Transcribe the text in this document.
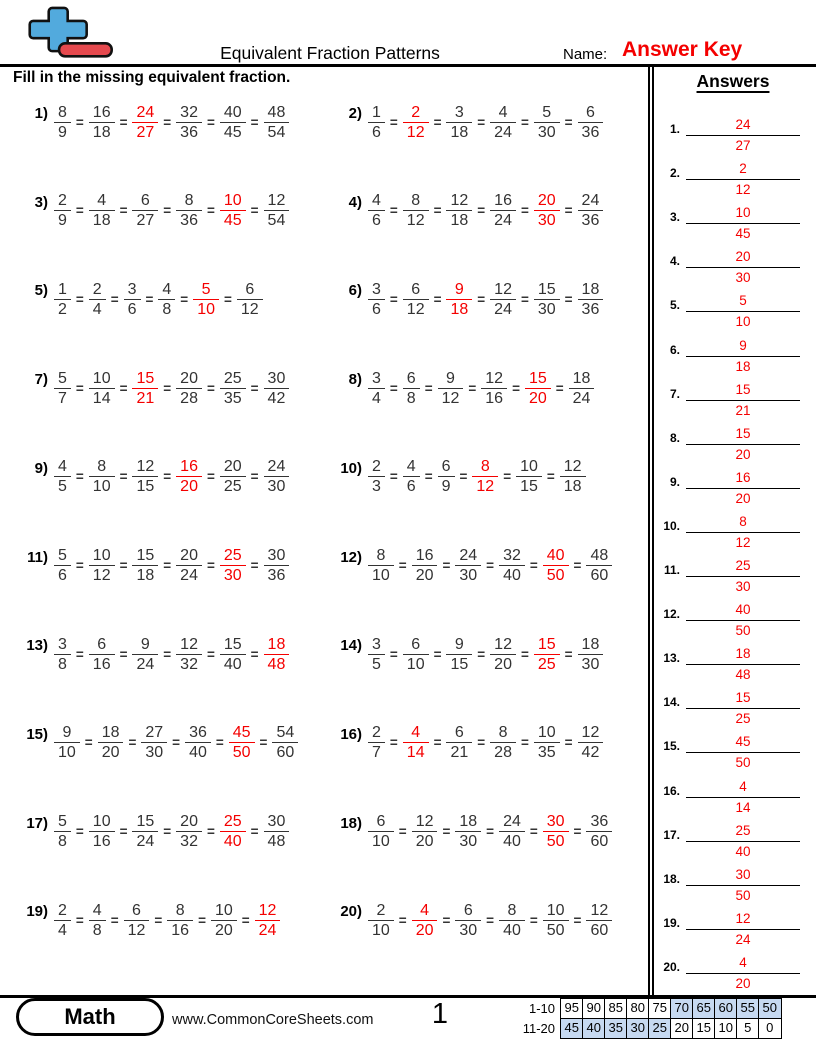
Equivalent Fraction Patterns	Name: Answer Key
Fill in the missing equivalent fraction.	Answers
1.	24
27
2.	2
12
3.	10
45
4.	20
30
5.	5
10
6.	9
18
7.	15
21
8.	15
20
9.	16
20
10.	8
12
11.	25
30
12.	40
50
13.	18
48
14.	15
25
15.	45
50
16.	4
14
17.	25
40
18.	30
50
19.	12
24
20.	4
20
$1) \frac{8}{9} = \frac{16}{18} = \frac{24}{27} = \frac{32}{36} = \frac{40}{45} = \frac{48}{54}$	$2) \frac{1}{6} = \frac{2}{12} = \frac{3}{18} = \frac{4}{24} = \frac{5}{30} = \frac{6}{36}$
$3) \frac{2}{9} = \frac{4}{18} = \frac{6}{27} = \frac{8}{36} = \frac{10}{45} = \frac{12}{54}$	$4) \frac{4}{6} = \frac{8}{12} = \frac{12}{18} = \frac{16}{24} = \frac{20}{30} = \frac{24}{36}$
$5) \frac{1}{2} = \frac{2}{4} = \frac{3}{6} = \frac{4}{8} = \frac{5}{10} = \frac{6}{12}$	$6) \frac{3}{6} = \frac{6}{12} = \frac{9}{18} = \frac{12}{24} = \frac{15}{30} = \frac{18}{36}$
$7) \frac{5}{7} = \frac{10}{14} = \frac{15}{21} = \frac{20}{28} = \frac{25}{35} = \frac{30}{42}$	$8) \frac{3}{4} = \frac{6}{8} = \frac{9}{12} = \frac{12}{16} = \frac{15}{20} = \frac{18}{24}$
$9) \frac{4}{5} = \frac{8}{10} = \frac{12}{15} = \frac{16}{20} = \frac{20}{25} = \frac{24}{30}$	$10) \frac{2}{3} = \frac{4}{6} = \frac{6}{9} = \frac{8}{12} = \frac{10}{15} = \frac{12}{18}$
$11) \frac{5}{6} = \frac{10}{12} = \frac{15}{18} = \frac{20}{24} = \frac{25}{30} = \frac{30}{36}$	$12) \frac{8}{10} = \frac{16}{20} = \frac{24}{30} = \frac{32}{40} = \frac{40}{50} = \frac{48}{60}$
$13) \frac{3}{8} = \frac{6}{16} = \frac{9}{24} = \frac{12}{32} = \frac{15}{40} = \frac{18}{48}$	$14) \frac{3}{5} = \frac{6}{10} = \frac{9}{15} = \frac{12}{20} = \frac{15}{25} = \frac{18}{30}$
$15) \frac{9}{10} = \frac{18}{20} = \frac{27}{30} = \frac{36}{40} = \frac{45}{50} = \frac{54}{60}$	$16) \frac{2}{7} = \frac{4}{14} = \frac{6}{21} = \frac{8}{28} = \frac{10}{35} = \frac{12}{42}$
$17) \frac{5}{8} = \frac{10}{16} = \frac{15}{24} = \frac{20}{32} = \frac{25}{40} = \frac{30}{48}$	$18) \frac{6}{10} = \frac{12}{20} = \frac{18}{30} = \frac{24}{40} = \frac{30}{50} = \frac{36}{60}$
$19) \frac{2}{4} = \frac{4}{8} = \frac{6}{12} = \frac{8}{16} = \frac{10}{20} = \frac{12}{24}$	$20) \frac{2}{10} = \frac{4}{20} = \frac{6}{30} = \frac{8}{40} = \frac{10}{50} = \frac{12}{60}$
Math	www.CommonCoreSheets.com	1	1-10 95 90 85 80 75 70 65 60 55 50
11-20 45 40 35 30 25 20 15 10 5	0
